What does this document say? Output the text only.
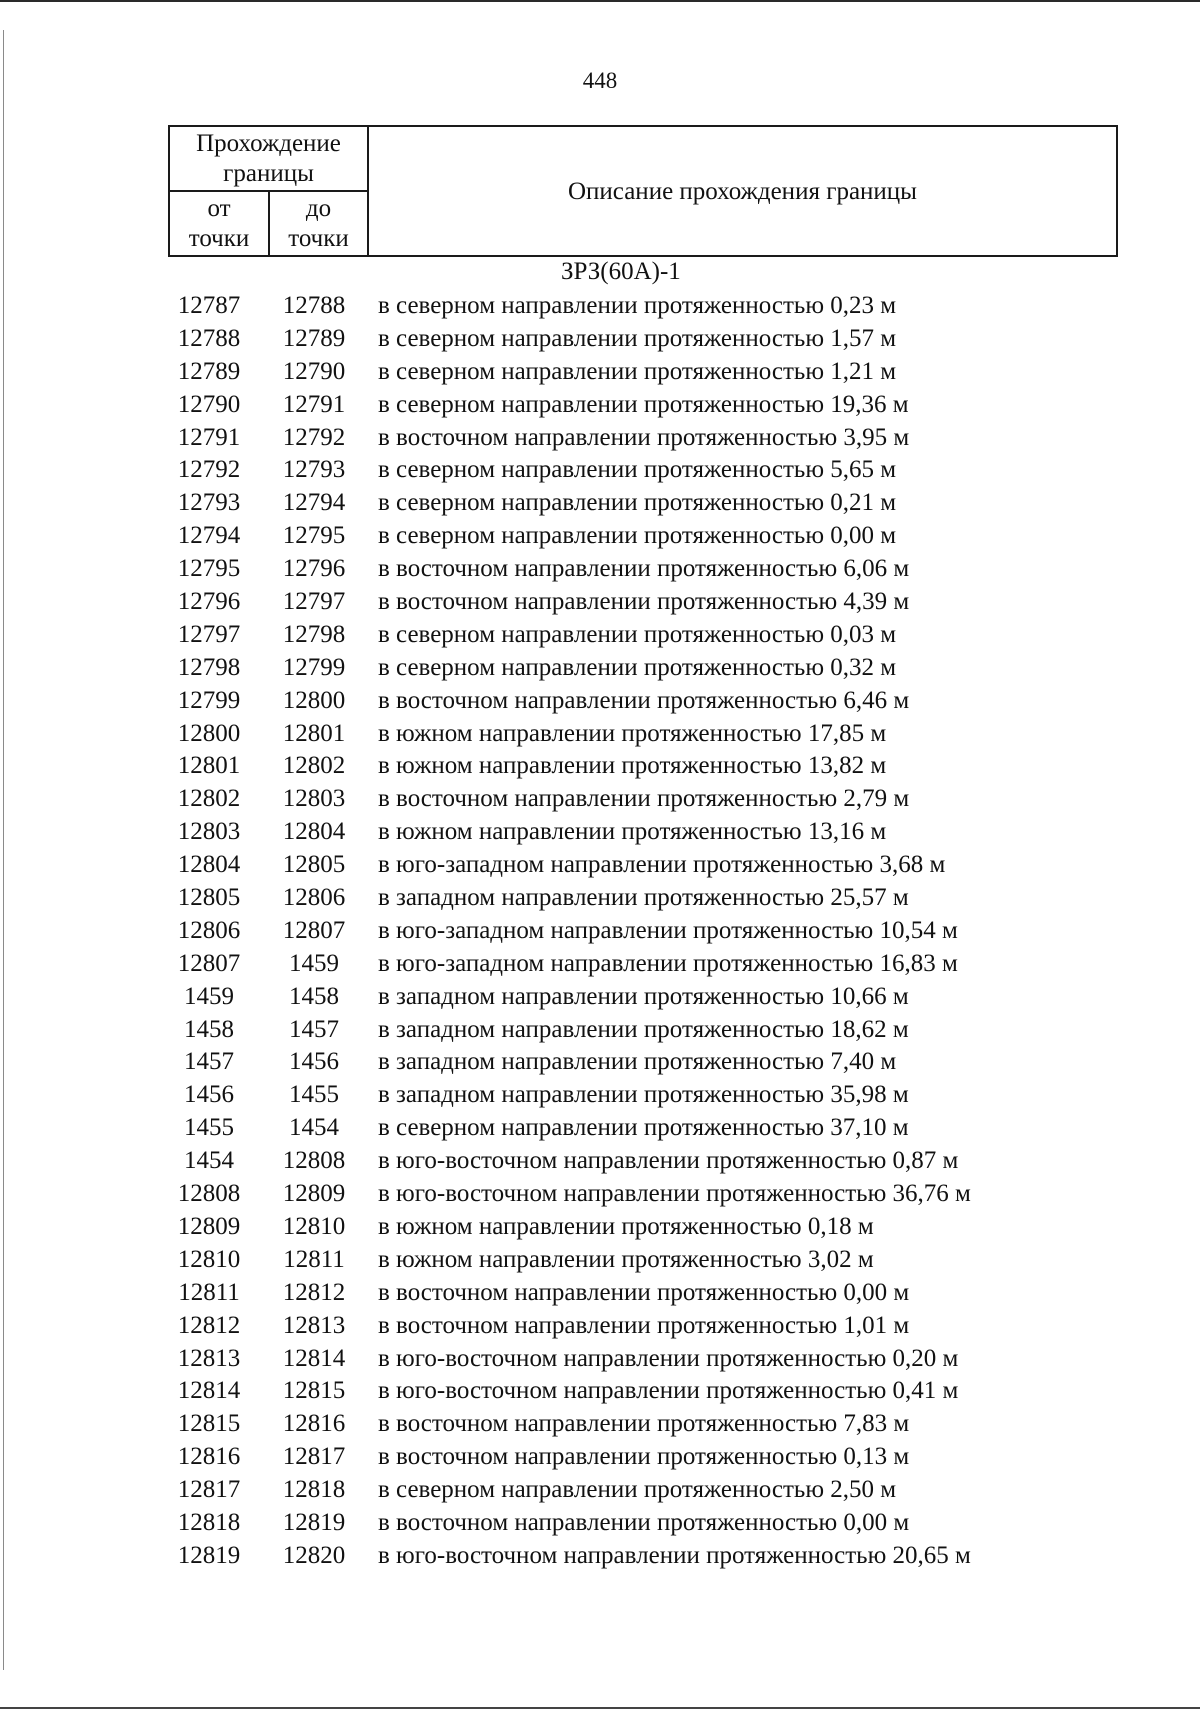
448
Прохождение границы
от
точки
до
точки
Описание прохождения границы
ЗРЗ(60А)-1
12787	12788	в северном направлении протяженностью 0,23 м
12788	12789	в северном направлении протяженностью 1,57 м
12789	12790	в северном направлении протяженностью 1,21 м
12790	12791	в северном направлении протяженностью 19,36 м
12791	12792	в восточном направлении протяженностью 3,95 м
12792	12793	в северном направлении протяженностью 5,65 м
12793	12794	в северном направлении протяженностью 0,21 м
12794	12795	в северном направлении протяженностью 0,00 м
12795	12796	в восточном направлении протяженностью 6,06 м
12796	12797	в восточном направлении протяженностью 4,39 м
12797	12798	в северном направлении протяженностью 0,03 м
12798	12799	в северном направлении протяженностью 0,32 м
12799	12800	в восточном направлении протяженностью 6,46 м
12800	12801	в южном направлении протяженностью 17,85 м
12801	12802	в южном направлении протяженностью 13,82 м
12802	12803	в восточном направлении протяженностью 2,79 м
12803	12804	в южном направлении протяженностью 13,16 м
12804	12805	в юго-западном направлении протяженностью 3,68 м
12805	12806	в западном направлении протяженностью 25,57 м
12806	12807	в юго-западном направлении протяженностью 10,54 м
12807	1459	в юго-западном направлении протяженностью 16,83 м
1459	1458	в западном направлении протяженностью 10,66 м
1458	1457	в западном направлении протяженностью 18,62 м
1457	1456	в западном направлении протяженностью 7,40 м
1456	1455	в западном направлении протяженностью 35,98 м
1455	1454	в северном направлении протяженностью 37,10 м
1454	12808	в юго-восточном направлении протяженностью 0,87 м
12808	12809	в юго-восточном направлении протяженностью 36,76 м
12809	12810	в южном направлении протяженностью 0,18 м
12810	12811	в южном направлении протяженностью 3,02 м
12811	12812	в восточном направлении протяженностью 0,00 м
12812	12813	в восточном направлении протяженностью 1,01 м
12813	12814	в юго-восточном направлении протяженностью 0,20 м
12814	12815	в юго-восточном направлении протяженностью 0,41 м
12815	12816	в восточном направлении протяженностью 7,83 м
12816	12817	в восточном направлении протяженностью 0,13 м
12817	12818	в северном направлении протяженностью 2,50 м
12818	12819	в восточном направлении протяженностью 0,00 м
12819	12820	в юго-восточном направлении протяженностью 20,65 м
